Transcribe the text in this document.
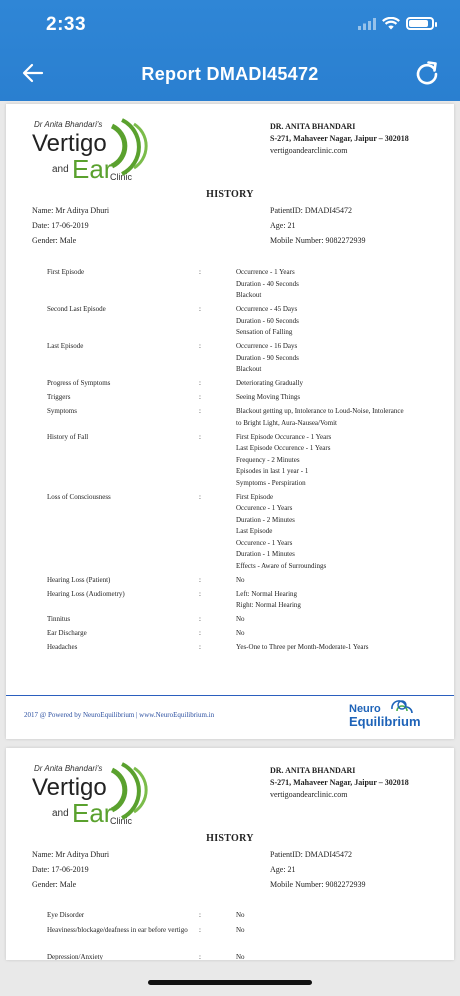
2:33
Report DMADI45472
Dr Anita Bhandari's
Vertigo
and Ear
Clinic
DR. ANITA BHANDARI
S-271, Mahaveer Nagar, Jaipur – 302018
vertigoandearclinic.com
HISTORY
Name: Mr Aditya Dhuri
Date: 17-06-2019
Gender: Male
PatientID: DMADI45472
Age: 21
Mobile Number: 9082272939
First Episode	:	Occurrence - 1 Years
Duration - 40 Seconds
Blackout
Second Last Episode	:	Occurrence - 45 Days
Duration - 60 Seconds
Sensation of Falling
Last Episode	:	Occurrence - 16 Days
Duration - 90 Seconds
Blackout
Progress of Symptoms	:	Deteriorating Gradually
Triggers	:	Seeing Moving Things
Symptoms	:	Blackout getting up, Intolerance to Loud-Noise, Intolerance
to Bright Light, Aura-Nausea/Vomit
History of Fall	:	First Episode Occurance - 1 Years
Last Episode Occurence - 1 Years
Frequency - 2 Minutes
Episodes in last 1 year - 1
Symptoms - Perspiration
Loss of Consciousness	:	First Episode
Occurence - 1 Years
Duration - 2 Minutes
Last Episode
Occurence - 1 Years
Duration - 1 Minutes
Effects - Aware of Surroundings
Hearing Loss (Patient)	:	No
Hearing Loss (Audiometry)	:	Left: Normal Hearing
Right: Normal Hearing
Tinnitus	:	No
Ear Discharge	:	No
Headaches	:	Yes-One to Three per Month-Moderate-1 Years
2017 @ Powered by NeuroEquilibrium | www.NeuroEquilibrium.in	Neuro
Equilibrium
Dr Anita Bhandari's
Vertigo
and Ear
Clinic
DR. ANITA BHANDARI
S-271, Mahaveer Nagar, Jaipur – 302018
vertigoandearclinic.com
HISTORY
Name: Mr Aditya Dhuri
Date: 17-06-2019
Gender: Male
PatientID: DMADI45472
Age: 21
Mobile Number: 9082272939
Eye Disorder	:	No
Heaviness/blockage/deafness in ear before vertigo	:	No
Depression/Anxiety	:	No
